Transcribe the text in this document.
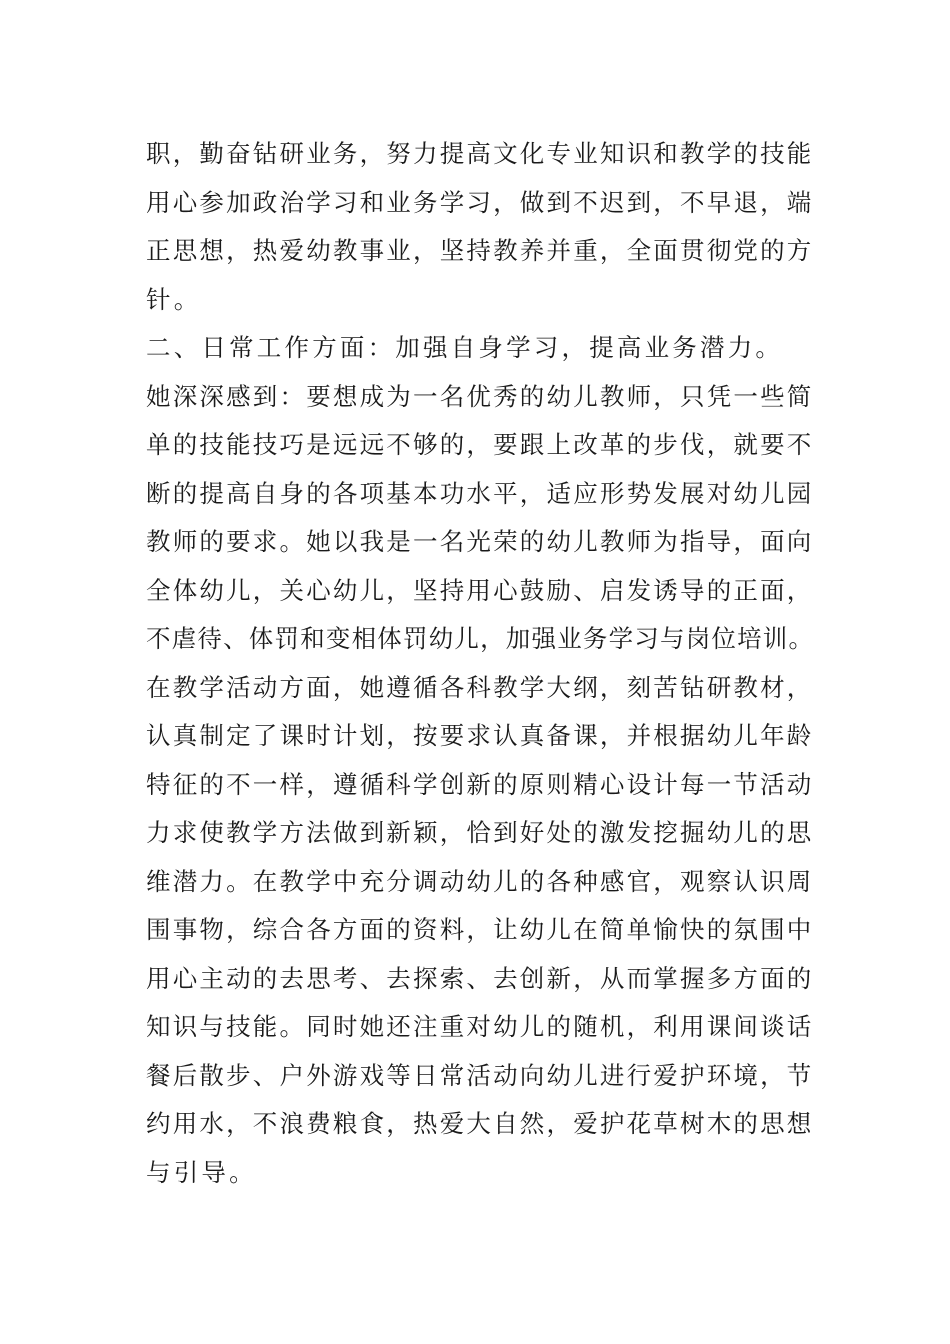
职，勤奋钻研业务，努力提高文化专业知识和教学的技能
用心参加政治学习和业务学习，做到不迟到，不早退，端
正思想，热爱幼教事业，坚持教养并重，全面贯彻党的方
针。
二、日常工作方面：加强自身学习，提高业务潜力。
她深深感到：要想成为一名优秀的幼儿教师，只凭一些简
单的技能技巧是远远不够的，要跟上改革的步伐，就要不
断的提高自身的各项基本功水平，适应形势发展对幼儿园
教师的要求。她以我是一名光荣的幼儿教师为指导，面向
全体幼儿，关心幼儿，坚持用心鼓励、启发诱导的正面，
不虐待、体罚和变相体罚幼儿，加强业务学习与岗位培训。
在教学活动方面，她遵循各科教学大纲，刻苦钻研教材，
认真制定了课时计划，按要求认真备课，并根据幼儿年龄
特征的不一样，遵循科学创新的原则精心设计每一节活动
力求使教学方法做到新颖，恰到好处的激发挖掘幼儿的思
维潜力。在教学中充分调动幼儿的各种感官，观察认识周
围事物，综合各方面的资料，让幼儿在简单愉快的氛围中
用心主动的去思考、去探索、去创新，从而掌握多方面的
知识与技能。同时她还注重对幼儿的随机，利用课间谈话
餐后散步、户外游戏等日常活动向幼儿进行爱护环境，节
约用水，不浪费粮食，热爱大自然，爱护花草树木的思想
与引导。
